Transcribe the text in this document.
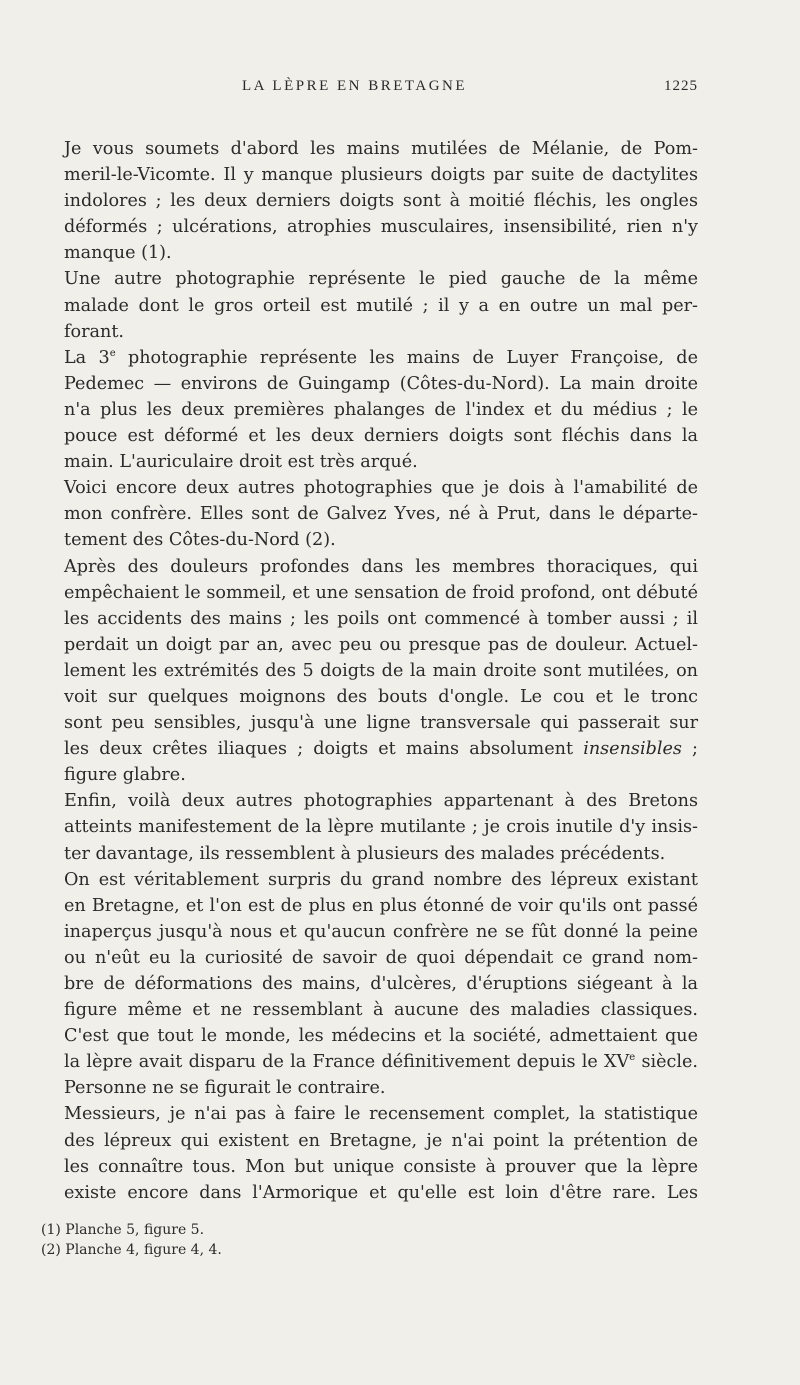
LA LÈPRE EN BRETAGNE	1225

Je vous soumets d'abord les mains mutilées de Mélanie, de Pom-
meril-le-Vicomte. Il y manque plusieurs doigts par suite de dactylites
indolores ; les deux derniers doigts sont à moitié fléchis, les ongles
déformés ; ulcérations, atrophies musculaires, insensibilité, rien n'y
manque (1).

Une autre photographie représente le pied gauche de la même
malade dont le gros orteil est mutilé ; il y a en outre un mal per-
forant.

La 3e photographie représente les mains de Luyer Françoise, de
Pedemec — environs de Guingamp (Côtes-du-Nord). La main droite
n'a plus les deux premières phalanges de l'index et du médius ; le
pouce est déformé et les deux derniers doigts sont fléchis dans la
main. L'auriculaire droit est très arqué.

Voici encore deux autres photographies que je dois à l'amabilité de
mon confrère. Elles sont de Galvez Yves, né à Prut, dans le départe-
tement des Côtes-du-Nord (2).

Après des douleurs profondes dans les membres thoraciques, qui
empêchaient le sommeil, et une sensation de froid profond, ont débuté
les accidents des mains ; les poils ont commencé à tomber aussi ; il
perdait un doigt par an, avec peu ou presque pas de douleur. Actuel-
lement les extrémités des 5 doigts de la main droite sont mutilées, on
voit sur quelques moignons des bouts d'ongle. Le cou et le tronc
sont peu sensibles, jusqu'à une ligne transversale qui passerait sur
les deux crêtes iliaques ; doigts et mains absolument insensibles ;
figure glabre.

Enfin, voilà deux autres photographies appartenant à des Bretons
atteints manifestement de la lèpre mutilante ; je crois inutile d'y insis-
ter davantage, ils ressemblent à plusieurs des malades précédents.

On est véritablement surpris du grand nombre des lépreux existant
en Bretagne, et l'on est de plus en plus étonné de voir qu'ils ont passé
inaperçus jusqu'à nous et qu'aucun confrère ne se fût donné la peine
ou n'eût eu la curiosité de savoir de quoi dépendait ce grand nom-
bre de déformations des mains, d'ulcères, d'éruptions siégeant à la
figure même et ne ressemblant à aucune des maladies classiques.
C'est que tout le monde, les médecins et la société, admettaient que
la lèpre avait disparu de la France définitivement depuis le XVe siècle.
Personne ne se figurait le contraire.

Messieurs, je n'ai pas à faire le recensement complet, la statistique
des lépreux qui existent en Bretagne, je n'ai point la prétention de
les connaître tous. Mon but unique consiste à prouver que la lèpre
existe encore dans l'Armorique et qu'elle est loin d'être rare. Les

(1) Planche 5, figure 5.

(2) Planche 4, figure 4, 4.
